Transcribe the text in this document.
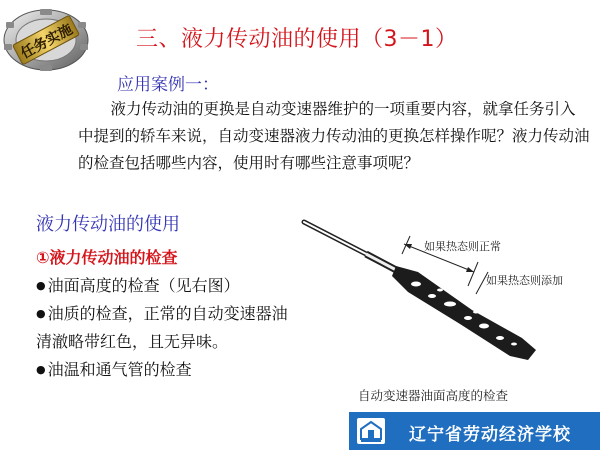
任务实施	三、液力传动油的使用（3－1）
应用案例一：

液力传动油的更换是自动变速器维护的一项重要内容，就拿任务引入中提到的轿车来说，自动变速器液力传动油的更换怎样操作呢？液力传动油的检查包括哪些内容，使用时有哪些注意事项呢？

液力传动油的使用
①液力传动油的检查
● 油面高度的检查（见右图）
● 油质的检查，正常的自动变速器油清澈略带红色，且无异味。
● 油温和通气管的检查
如果热态则正常
如果热态则添加
自动变速器油面高度的检查
辽宁省劳动经济学校
